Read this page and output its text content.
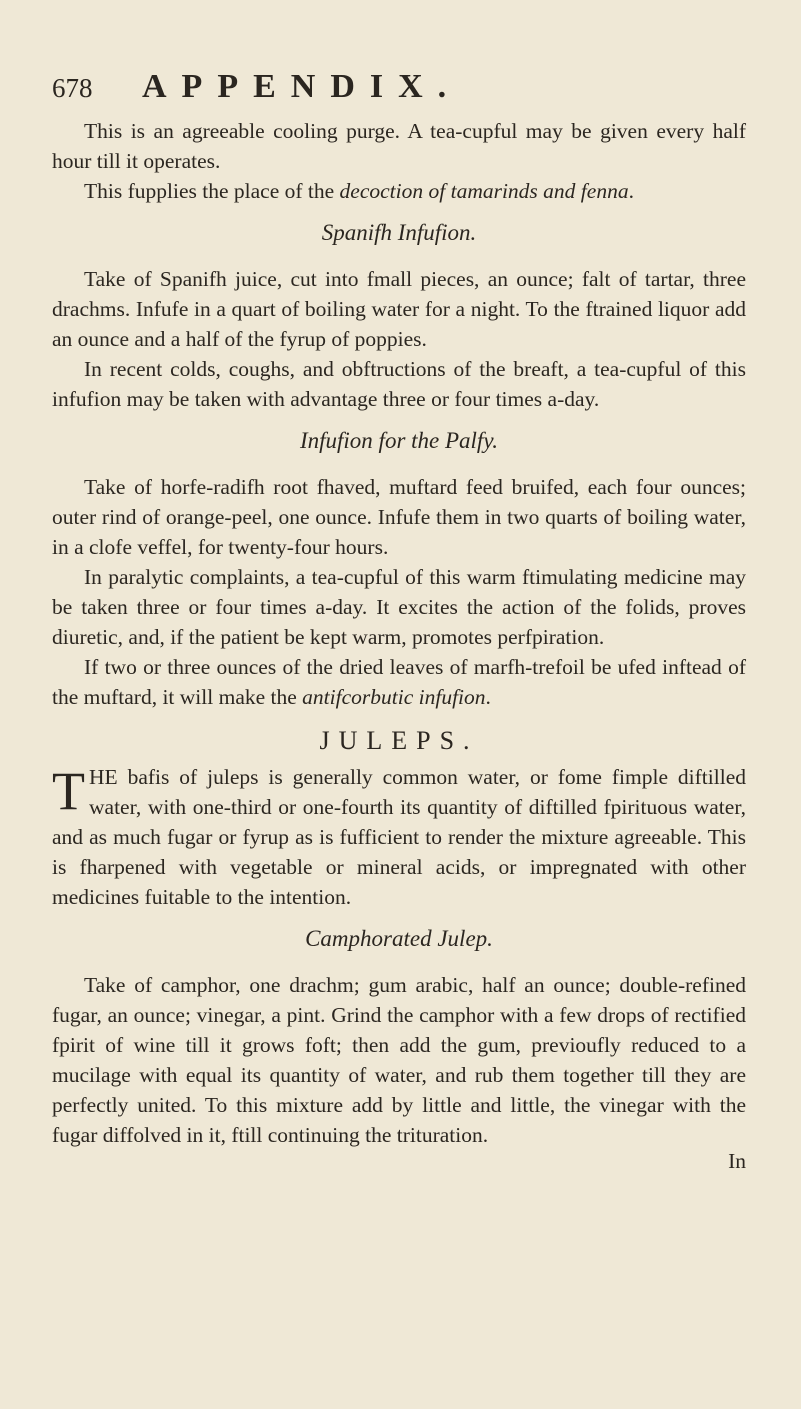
678	APPENDIX.

This is an agreeable cooling purge. A tea-cupful may be given every half hour till it operates.

This fupplies the place of the decoction of tamarinds and fenna.

Spanifh Infufion.

Take of Spanifh juice, cut into fmall pieces, an ounce; falt of tartar, three drachms. Infufe in a quart of boiling water for a night. To the ftrained liquor add an ounce and a half of the fyrup of poppies.

In recent colds, coughs, and obftructions of the breaft, a tea-cupful of this infufion may be taken with advantage three or four times a-day.

Infufion for the Palfy.

Take of horfe-radifh root fhaved, muftard feed bruifed, each four ounces; outer rind of orange-peel, one ounce. Infufe them in two quarts of boiling water, in a clofe veffel, for twenty-four hours.

In paralytic complaints, a tea-cupful of this warm ftimulating medicine may be taken three or four times a-day. It excites the action of the folids, proves diuretic, and, if the patient be kept warm, promotes perfpiration.

If two or three ounces of the dried leaves of marfh-trefoil be ufed inftead of the muftard, it will make the antifcorbutic infufion.

JULEPS.

THE bafis of juleps is generally common water, or fome fimple diftilled water, with one-third or one-fourth its quantity of diftilled fpirituous water, and as much fugar or fyrup as is fufficient to render the mixture agreeable. This is fharpened with vegetable or mineral acids, or impregnated with other medicines fuitable to the intention.

Camphorated Julep.

Take of camphor, one drachm; gum arabic, half an ounce; double-refined fugar, an ounce; vinegar, a pint. Grind the camphor with a few drops of rectified fpirit of wine till it grows foft; then add the gum, previoufly reduced to a mucilage with equal its quantity of water, and rub them together till they are perfectly united. To this mixture add by little and little, the vinegar with the fugar diffolved in it, ftill continuing the trituration.

In
